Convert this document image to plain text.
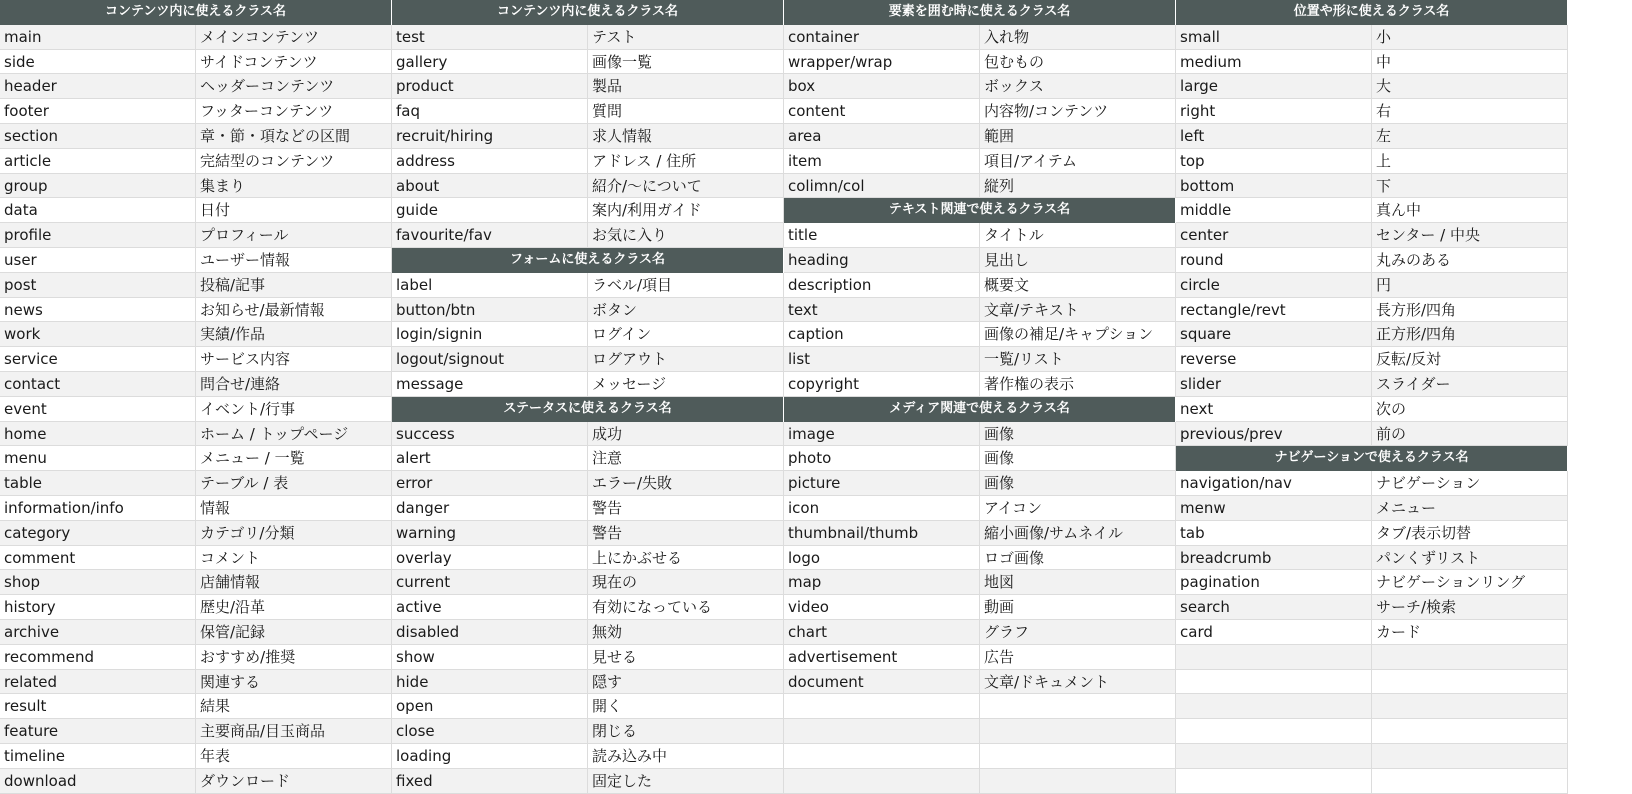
コンテンツ内に使えるクラス名
main	メインコンテンツ
side	サイドコンテンツ
header	ヘッダーコンテンツ
footer	フッターコンテンツ
section	章・節・項などの区間
article	完結型のコンテンツ
group	集まり
data	日付
profile	プロフィール
user	ユーザー情報
post	投稿/記事
news	お知らせ/最新情報
work	実績/作品
service	サービス内容
contact	問合せ/連絡
event	イベント/行事
home	ホーム / トップページ
menu	メニュー / 一覧
table	テーブル / 表
information/info	情報
category	カテゴリ/分類
comment	コメント
shop	店舗情報
history	歴史/沿革
archive	保管/記録
recommend	おすすめ/推奨
related	関連する
result	結果
feature	主要商品/目玉商品
timeline	年表
download	ダウンロード
コンテンツ内に使えるクラス名
test	テスト
gallery	画像一覧
product	製品
faq	質問
recruit/hiring	求人情報
address	アドレス / 住所
about	紹介/～について
guide	案内/利用ガイド
favourite/fav	お気に入り
フォームに使えるクラス名
label	ラベル/項目
button/btn	ボタン
login/signin	ログイン
logout/signout	ログアウト
message	メッセージ
ステータスに使えるクラス名
success	成功
alert	注意
error	エラー/失敗
danger	警告
warning	警告
overlay	上にかぶせる
current	現在の
active	有効になっている
disabled	無効
show	見せる
hide	隠す
open	開く
close	閉じる
loading	読み込み中
fixed	固定した
要素を囲む時に使えるクラス名
container	入れ物
wrapper/wrap	包むもの
box	ボックス
content	内容物/コンテンツ
area	範囲
item	項目/アイテム
colimn/col	縦列
テキスト関連で使えるクラス名
title	タイトル
heading	見出し
description	概要文
text	文章/テキスト
caption	画像の補足/キャプション
list	一覧/リスト
copyright	著作権の表示
メディア関連で使えるクラス名
image	画像
photo	画像
picture	画像
icon	アイコン
thumbnail/thumb	縮小画像/サムネイル
logo	ロゴ画像
map	地図
video	動画
chart	グラフ
advertisement	広告
document	文章/ドキュメント
位置や形に使えるクラス名
small	小
medium	中
large	大
right	右
left	左
top	上
bottom	下
middle	真ん中
center	センター / 中央
round	丸みのある
circle	円
rectangle/revt	長方形/四角
square	正方形/四角
reverse	反転/反対
slider	スライダー
next	次の
previous/prev	前の
ナビゲーションで使えるクラス名
navigation/nav	ナビゲーション
menw	メニュー
tab	タブ/表示切替
breadcrumb	パンくずリスト
pagination	ナビゲーションリング
search	サーチ/検索
card	カード
